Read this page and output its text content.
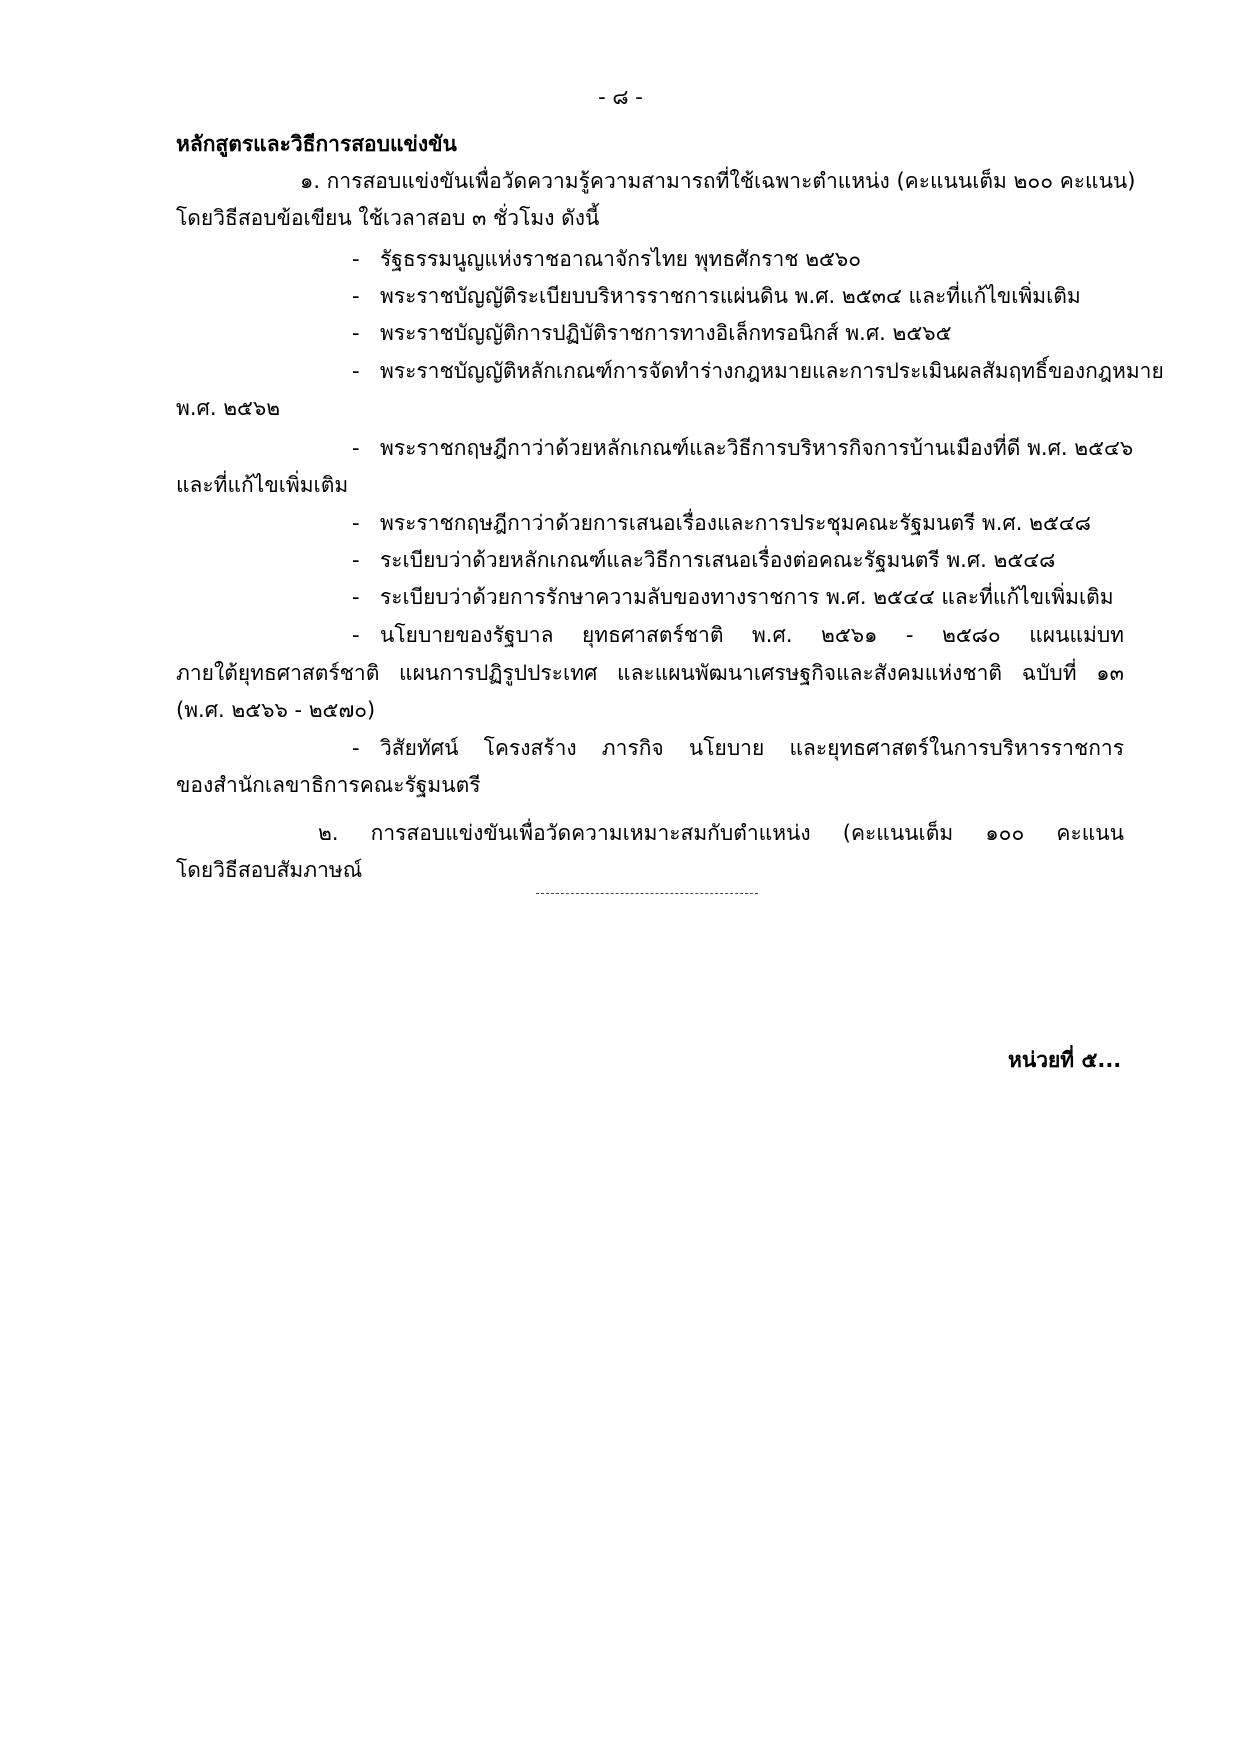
- ๘ -
หลักสูตรและวิธีการสอบแข่งขัน
๑. การสอบแข่งขันเพื่อวัดความรู้ความสามารถที่ใช้เฉพาะตำแหน่ง (คะแนนเต็ม ๒๐๐ คะแนน)
โดยวิธีสอบข้อเขียน ใช้เวลาสอบ ๓ ชั่วโมง ดังนี้
- รัฐธรรมนูญแห่งราชอาณาจักรไทย พุทธศักราช ๒๕๖๐
- พระราชบัญญัติระเบียบบริหารราชการแผ่นดิน พ.ศ. ๒๕๓๔ และที่แก้ไขเพิ่มเติม
- พระราชบัญญัติการปฏิบัติราชการทางอิเล็กทรอนิกส์ พ.ศ. ๒๕๖๕
- พระราชบัญญัติหลักเกณฑ์การจัดทำร่างกฎหมายและการประเมินผลสัมฤทธิ์ของกฎหมาย
พ.ศ. ๒๕๖๒
- พระราชกฤษฎีกาว่าด้วยหลักเกณฑ์และวิธีการบริหารกิจการบ้านเมืองที่ดี พ.ศ. ๒๕๔๖
และที่แก้ไขเพิ่มเติม
- พระราชกฤษฎีกาว่าด้วยการเสนอเรื่องและการประชุมคณะรัฐมนตรี พ.ศ. ๒๕๔๘
- ระเบียบว่าด้วยหลักเกณฑ์และวิธีการเสนอเรื่องต่อคณะรัฐมนตรี พ.ศ. ๒๕๔๘
- ระเบียบว่าด้วยการรักษาความลับของทางราชการ พ.ศ. ๒๕๔๔ และที่แก้ไขเพิ่มเติม
- นโยบายของรัฐบาล ยุทธศาสตร์ชาติ พ.ศ. ๒๕๖๑ - ๒๕๘๐ แผนแม่บท
ภายใต้ยุทธศาสตร์ชาติ แผนการปฏิรูปประเทศ และแผนพัฒนาเศรษฐกิจและสังคมแห่งชาติ ฉบับที่ ๑๓
(พ.ศ. ๒๕๖๖ - ๒๕๗๐)
- วิสัยทัศน์ โครงสร้าง ภารกิจ นโยบาย และยุทธศาสตร์ในการบริหารราชการ
ของสำนักเลขาธิการคณะรัฐมนตรี
๒. การสอบแข่งขันเพื่อวัดความเหมาะสมกับตำแหน่ง (คะแนนเต็ม ๑๐๐ คะแนน
โดยวิธีสอบสัมภาษณ์
หน่วยที่ ๕...
